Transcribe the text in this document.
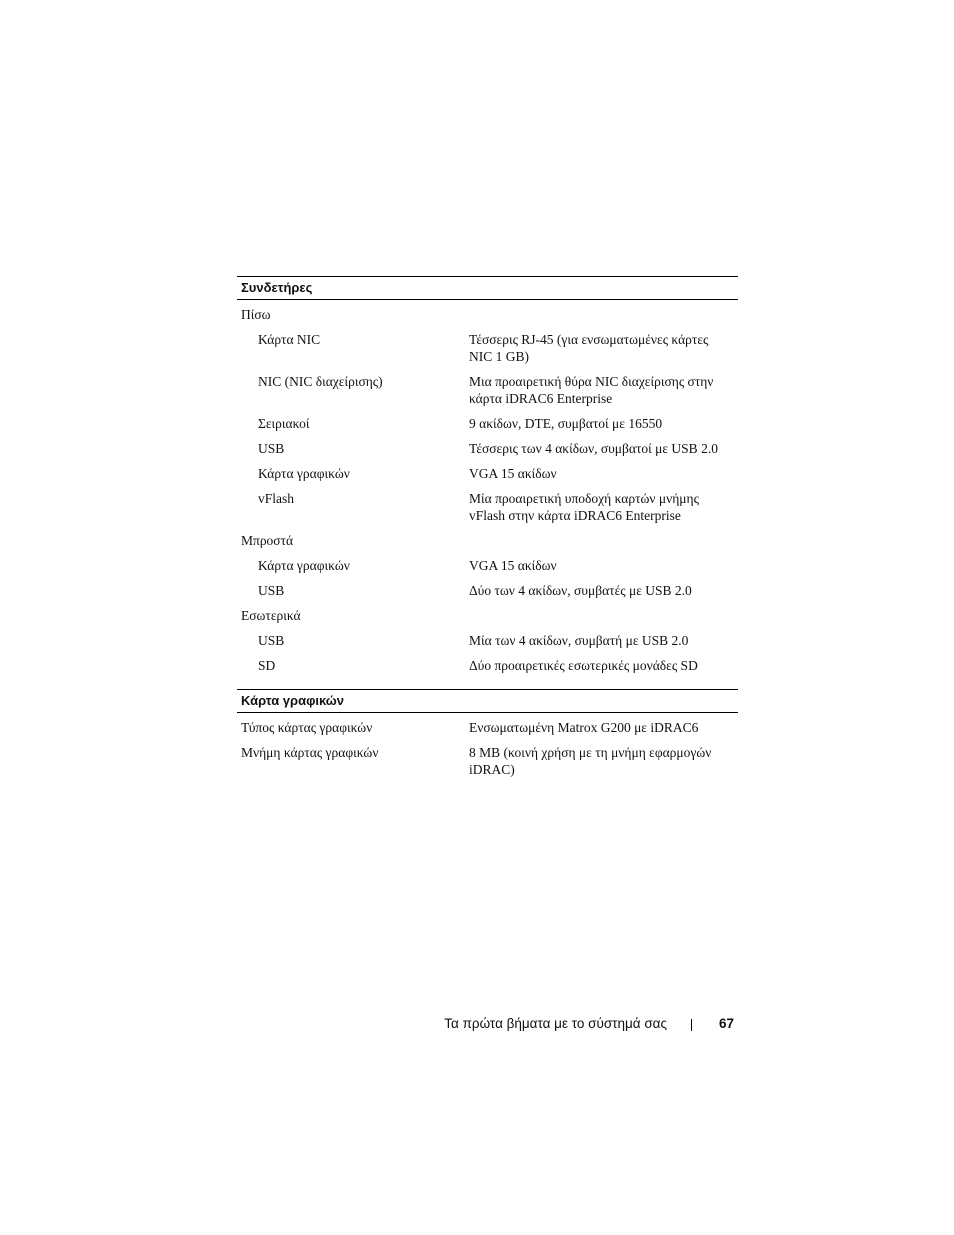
Συνδετήρες
Πίσω
Κάρτα NIC	Τέσσερις RJ-45 (για ενσωματωμένες κάρτες NIC 1 GB)
NIC (NIC διαχείρισης)	Μια προαιρετική θύρα NIC διαχείρισης στην κάρτα iDRAC6 Enterprise
Σειριακοί	9 ακίδων, DTE, συμβατοί με 16550
USB	Τέσσερις των 4 ακίδων, συμβατοί με USB 2.0
Κάρτα γραφικών	VGA 15 ακίδων
vFlash	Μία προαιρετική υποδοχή καρτών μνήμης vFlash στην κάρτα iDRAC6 Enterprise
Μπροστά
Κάρτα γραφικών	VGA 15 ακίδων
USB	Δύο των 4 ακίδων, συμβατές με USB 2.0
Εσωτερικά
USB	Μία των 4 ακίδων, συμβατή με USB 2.0
SD	Δύο προαιρετικές εσωτερικές μονάδες SD
Κάρτα γραφικών
Τύπος κάρτας γραφικών	Ενσωματωμένη Matrox G200 με iDRAC6
Μνήμη κάρτας γραφικών	8 MB (κοινή χρήση με τη μνήμη εφαρμογών iDRAC)
Τα πρώτα βήματα με το σύστημά σας	67
